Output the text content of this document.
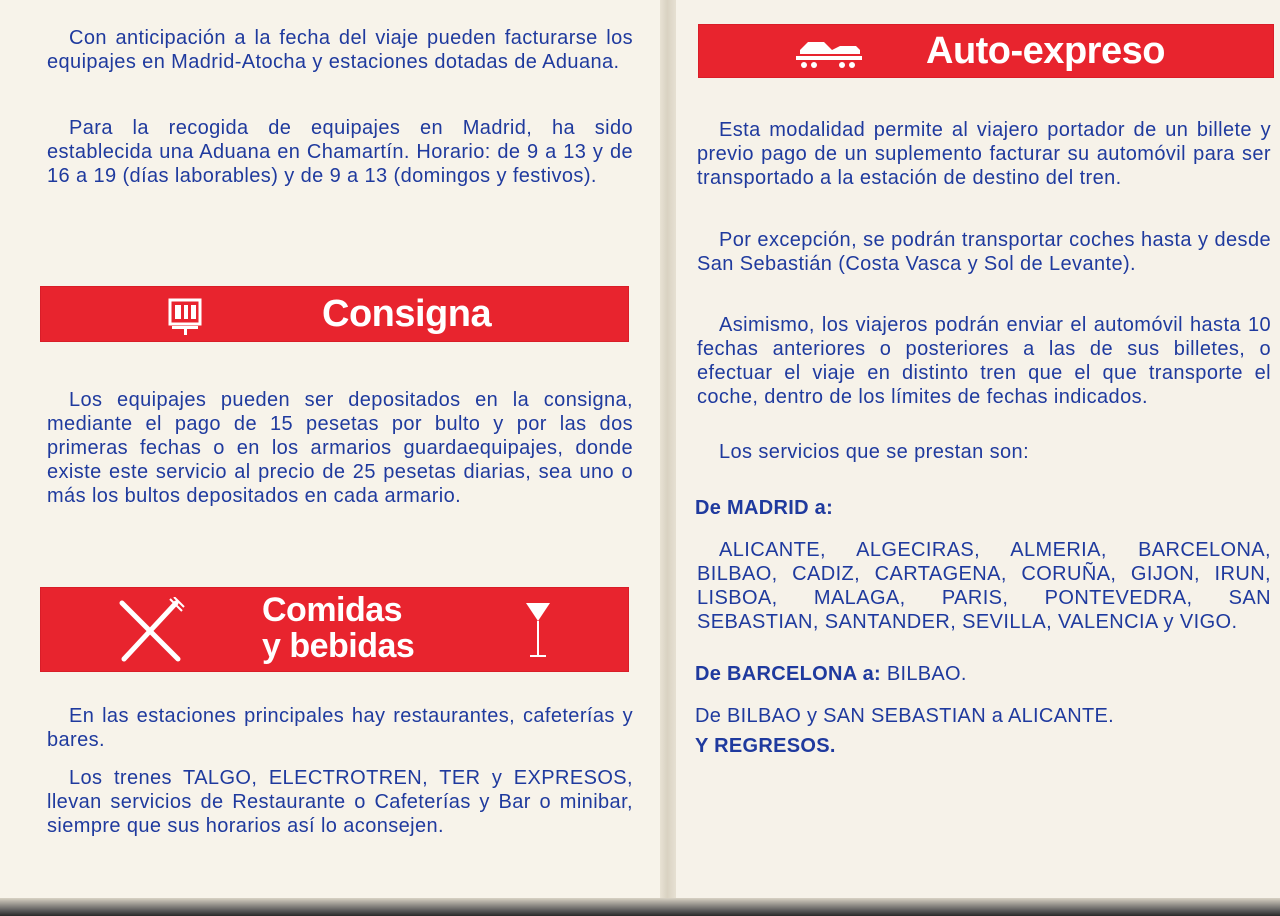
Con anticipación a la fecha del viaje pueden facturarse los equipajes en Madrid-Atocha y estaciones dotadas de Aduana.

Para la recogida de equipajes en Madrid, ha sido establecida una Aduana en Chamartín. Horario: de 9 a 13 y de 16 a 19 (días laborables) y de 9 a 13 (domingos y festivos).

Consigna

Los equipajes pueden ser depositados en la consigna, mediante el pago de 15 pesetas por bulto y por las dos primeras fechas o en los armarios guardaequipajes, donde existe este servicio al precio de 25 pesetas diarias, sea uno o más los bultos depositados en cada armario.

Comidas
y bebidas

En las estaciones principales hay restaurantes, cafeterías y bares.

Los trenes TALGO, ELECTROTREN, TER y EXPRESOS, llevan servicios de Restaurante o Cafeterías y Bar o minibar, siempre que sus horarios así lo aconsejen.

Auto-expreso

Esta modalidad permite al viajero portador de un billete y previo pago de un suplemento facturar su automóvil para ser transportado a la estación de destino del tren.

Por excepción, se podrán transportar coches hasta y desde San Sebastián (Costa Vasca y Sol de Levante).

Asimismo, los viajeros podrán enviar el automóvil hasta 10 fechas anteriores o posteriores a las de sus billetes, o efectuar el viaje en distinto tren que el que transporte el coche, dentro de los límites de fechas indicados.

Los servicios que se prestan son:

De MADRID a:

ALICANTE, ALGECIRAS, ALMERIA, BARCELONA, BILBAO, CADIZ, CARTAGENA, CORUÑA, GIJON, IRUN, LISBOA, MALAGA, PARIS, PONTEVEDRA, SAN SEBASTIAN, SANTANDER, SEVILLA, VALENCIA y VIGO.

De BARCELONA a: BILBAO.
De BILBAO y SAN SEBASTIAN a ALICANTE.
Y REGRESOS.
